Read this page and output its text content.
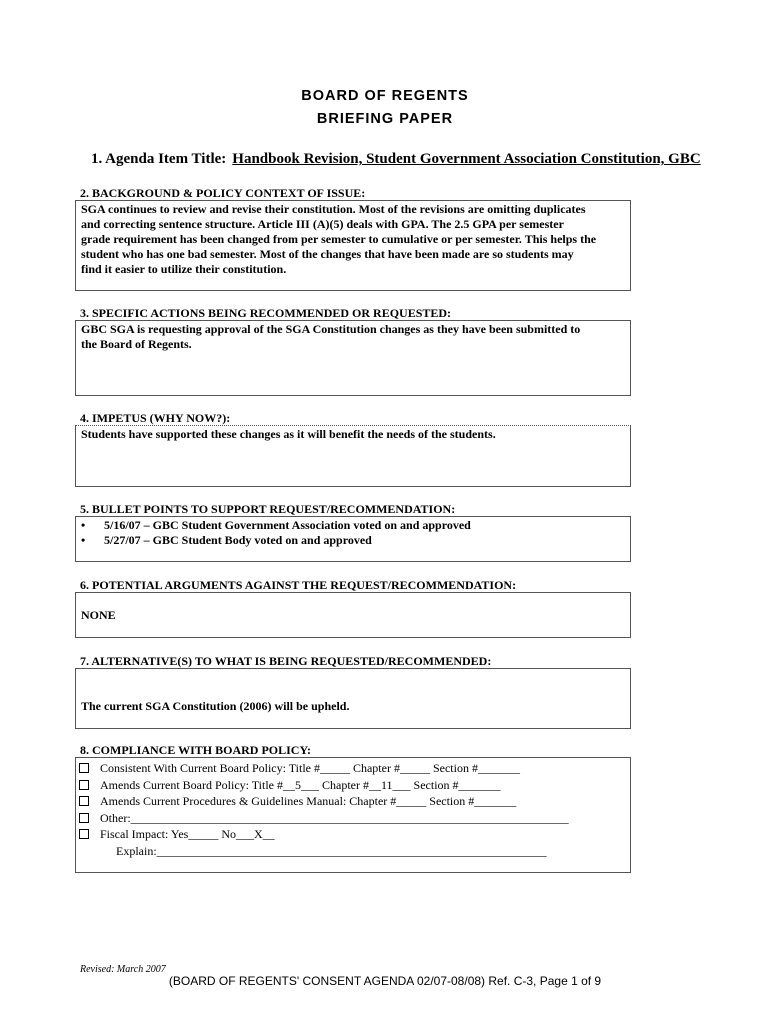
BOARD OF REGENTS
BRIEFING PAPER
1. Agenda Item Title: Handbook Revision, Student Government Association Constitution, GBC
2. BACKGROUND & POLICY CONTEXT OF ISSUE:
SGA continues to review and revise their constitution. Most of the revisions are omitting duplicates
and correcting sentence structure. Article III (A)(5) deals with GPA. The 2.5 GPA per semester
grade requirement has been changed from per semester to cumulative or per semester. This helps the
student who has one bad semester. Most of the changes that have been made are so students may
find it easier to utilize their constitution.
3. SPECIFIC ACTIONS BEING RECOMMENDED OR REQUESTED:
GBC SGA is requesting approval of the SGA Constitution changes as they have been submitted to
the Board of Regents.
4. IMPETUS (WHY NOW?):
Students have supported these changes as it will benefit the needs of the students.
5. BULLET POINTS TO SUPPORT REQUEST/RECOMMENDATION:
• 5/16/07 – GBC Student Government Association voted on and approved
• 5/27/07 – GBC Student Body voted on and approved
6. POTENTIAL ARGUMENTS AGAINST THE REQUEST/RECOMMENDATION:
NONE
7. ALTERNATIVE(S) TO WHAT IS BEING REQUESTED/RECOMMENDED:
The current SGA Constitution (2006) will be upheld.
8. COMPLIANCE WITH BOARD POLICY:
Consistent With Current Board Policy: Title #_____ Chapter #_____ Section #_______
Amends Current Board Policy: Title #__5___ Chapter #__11___ Section #_______
Amends Current Procedures & Guidelines Manual: Chapter #_____ Section #_______
Other:_________________________________________________________________________
Fiscal Impact: Yes_____ No___X__
Explain:_________________________________________________________________
Revised: March 2007
(BOARD OF REGENTS' CONSENT AGENDA 02/07-08/08) Ref. C-3, Page 1 of 9
